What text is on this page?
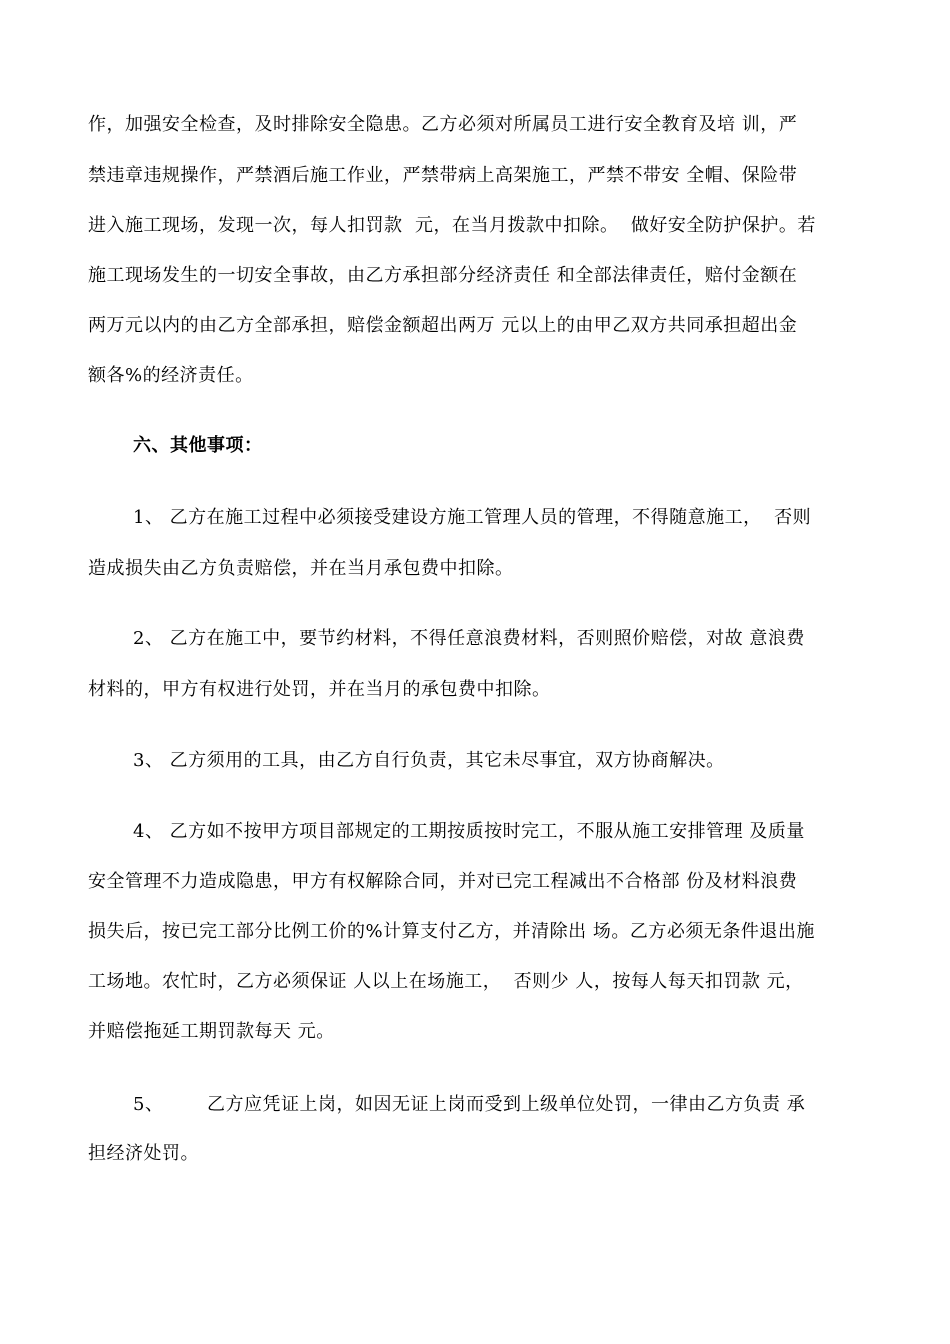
作，加强安全检查，及时排除安全隐患。乙方必须对所属员工进行安全教育及培 训，严
禁违章违规操作，严禁酒后施工作业，严禁带病上高架施工，严禁不带安 全帽、保险带
进入施工现场，发现一次，每人扣罚款  元，在当月拨款中扣除。  做好安全防护保护。若
施工现场发生的一切安全事故，由乙方承担部分经济责任 和全部法律责任，赔付金额在
两万元以内的由乙方全部承担，赔偿金额超出两万 元以上的由甲乙双方共同承担超出金
额各%的经济责任。
六、其他事项：
1、 乙方在施工过程中必须接受建设方施工管理人员的管理，不得随意施工，  否则
造成损失由乙方负责赔偿，并在当月承包费中扣除。
2、 乙方在施工中，要节约材料，不得任意浪费材料，否则照价赔偿，对故 意浪费
材料的，甲方有权进行处罚，并在当月的承包费中扣除。
3、 乙方须用的工具，由乙方自行负责，其它未尽事宜，双方协商解决。
4、 乙方如不按甲方项目部规定的工期按质按时完工，不服从施工安排管理 及质量
安全管理不力造成隐患，甲方有权解除合同，并对已完工程减出不合格部 份及材料浪费
损失后，按已完工部分比例工价的%计算支付乙方，并清除出 场。乙方必须无条件退出施
工场地。农忙时，乙方必须保证 人以上在场施工，  否则少 人，按每人每天扣罚款 元，
并赔偿拖延工期罚款每天 元。
5、       乙方应凭证上岗，如因无证上岗而受到上级单位处罚，一律由乙方负责 承
担经济处罚。
